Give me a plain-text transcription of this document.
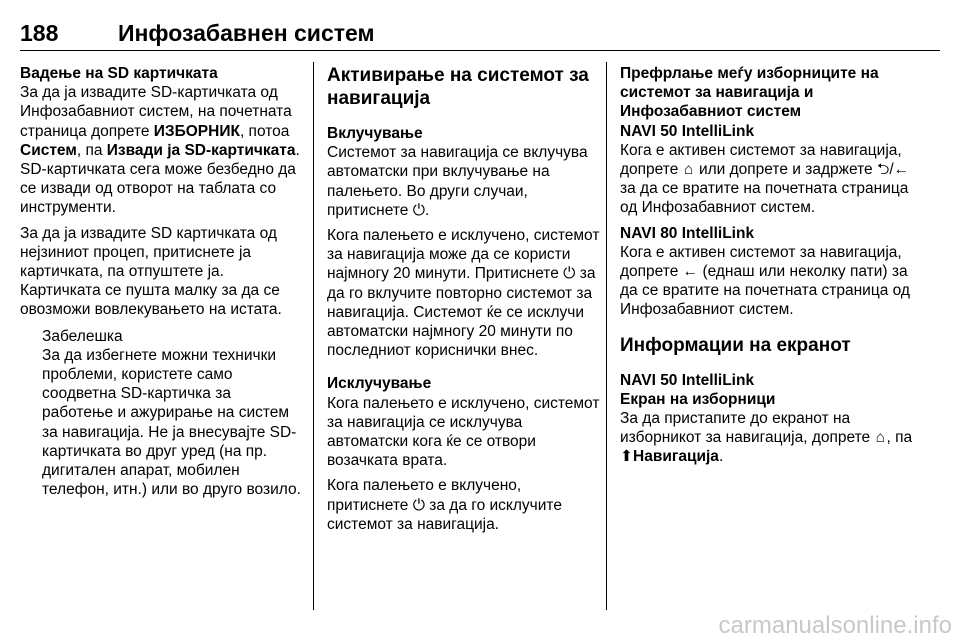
188	Инфозабавнен систем

Вадење на SD картичката

За да ја извадите SD-картичката од Инфозабавниот систем, на почетната страница допрете ИЗБОРНИК, потоа Систем, па Извади ја SD-картичката. SD-картичката сега може безбедно да се извади од отворот на таблата со инструменти.

За да ја извадите SD картичката од нејзиниот процеп, притиснете ја картичката, па отпуштете ја. Картичката се пушта малку за да се овозможи вовлекувањето на истата.

Забелешка

За да избегнете можни технички проблеми, користете само соодветна SD-картичка за работење и ажурирање на систем за навигација. Не ја внесувајте SD-картичката во друг уред (на пр. дигитален апарат, мобилен телефон, итн.) или во друго возило.

Активирање на системот за навигација

Вклучување

Системот за навигација се вклучува автоматски при вклучување на палењето. Во други случаи, притиснете ⏻.

Кога палењето е исклучено, системот за навигација може да се користи најмногу 20 минути. Притиснете ⏻ за да го вклучите повторно системот за навигација. Системот ќе се исклучи автоматски најмногу 20 минути по последниот кориснички внес.

Исклучување

Кога палењето е исклучено, системот за навигација се исклучува автоматски кога ќе се отвори возачката врата.

Кога палењето е вклучено, притиснете ⏻ за да го исклучите системот за навигација.

Префрлање меѓу изборниците на системот за навигација и Инфозабавниот систем

NAVI 50 IntelliLink

Кога е активен системот за навигација, допрете ⌂ или допрете и задржете ⮌/← за да се вратите на почетната страница од Инфозабавниот систем.

NAVI 80 IntelliLink

Кога е активен системот за навигација, допрете ← (еднаш или неколку пати) за да се вратите на почетната страница од Инфозабавниот систем.

Информации на екранот

NAVI 50 IntelliLink

Екран на изборници

За да пристапите до екранот на изборникот за навигација, допрете ⌂, па ⬆Навигација.

carmanualsonline.info
